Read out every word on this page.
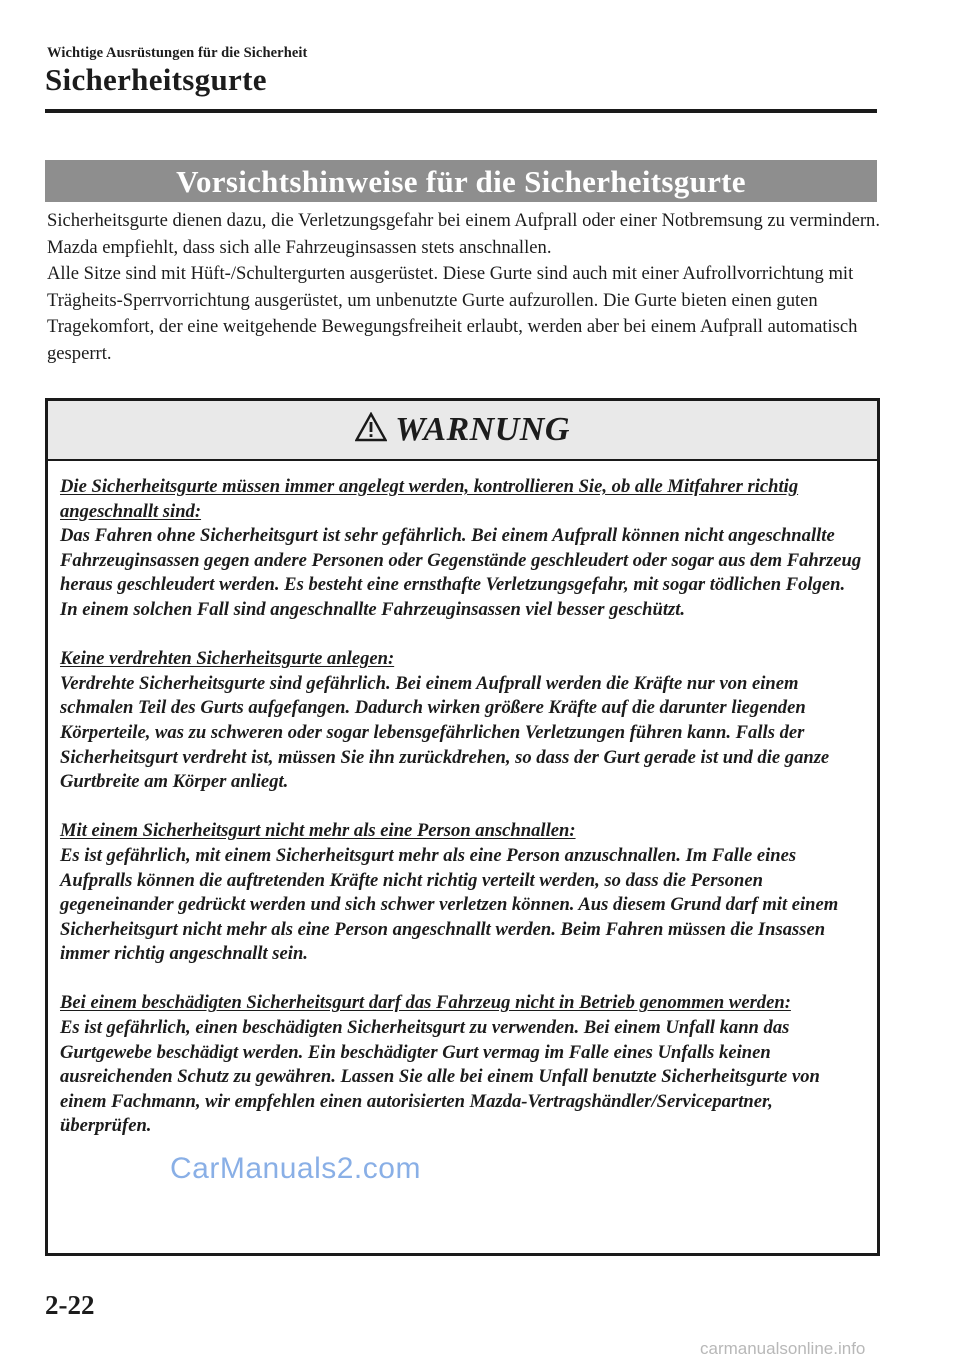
Wichtige Ausrüstungen für die Sicherheit
Sicherheitsgurte
Vorsichtshinweise für die Sicherheitsgurte

Sicherheitsgurte dienen dazu, die Verletzungsgefahr bei einem Aufprall oder einer Notbremsung zu vermindern. Mazda empfiehlt, dass sich alle Fahrzeuginsassen stets anschnallen.

Alle Sitze sind mit Hüft-/Schultergurten ausgerüstet. Diese Gurte sind auch mit einer Aufrollvorrichtung mit Trägheits-Sperrvorrichtung ausgerüstet, um unbenutzte Gurte aufzurollen. Die Gurte bieten einen guten Tragekomfort, der eine weitgehende Bewegungsfreiheit erlaubt, werden aber bei einem Aufprall automatisch gesperrt.

WARNUNG
Die Sicherheitsgurte müssen immer angelegt werden, kontrollieren Sie, ob alle Mitfahrer richtig angeschnallt sind:
Das Fahren ohne Sicherheitsgurt ist sehr gefährlich. Bei einem Aufprall können nicht angeschnallte Fahrzeuginsassen gegen andere Personen oder Gegenstände geschleudert oder sogar aus dem Fahrzeug heraus geschleudert werden. Es besteht eine ernsthafte Verletzungsgefahr, mit sogar tödlichen Folgen. In einem solchen Fall sind angeschnallte Fahrzeuginsassen viel besser geschützt.
Keine verdrehten Sicherheitsgurte anlegen:
Verdrehte Sicherheitsgurte sind gefährlich. Bei einem Aufprall werden die Kräfte nur von einem schmalen Teil des Gurts aufgefangen. Dadurch wirken größere Kräfte auf die darunter liegenden Körperteile, was zu schweren oder sogar lebensgefährlichen Verletzungen führen kann. Falls der Sicherheitsgurt verdreht ist, müssen Sie ihn zurückdrehen, so dass der Gurt gerade ist und die ganze Gurtbreite am Körper anliegt.
Mit einem Sicherheitsgurt nicht mehr als eine Person anschnallen:
Es ist gefährlich, mit einem Sicherheitsgurt mehr als eine Person anzuschnallen. Im Falle eines Aufpralls können die auftretenden Kräfte nicht richtig verteilt werden, so dass die Personen gegeneinander gedrückt werden und sich schwer verletzen können. Aus diesem Grund darf mit einem Sicherheitsgurt nicht mehr als eine Person angeschnallt werden. Beim Fahren müssen die Insassen immer richtig angeschnallt sein.
Bei einem beschädigten Sicherheitsgurt darf das Fahrzeug nicht in Betrieb genommen werden:
Es ist gefährlich, einen beschädigten Sicherheitsgurt zu verwenden. Bei einem Unfall kann das Gurtgewebe beschädigt werden. Ein beschädigter Gurt vermag im Falle eines Unfalls keinen ausreichenden Schutz zu gewähren. Lassen Sie alle bei einem Unfall benutzte Sicherheitsgurte von einem Fachmann, wir empfehlen einen autorisierten Mazda-Vertragshändler/Servicepartner, überprüfen.
CarManuals2.com
2-22
carmanualsonline.info
